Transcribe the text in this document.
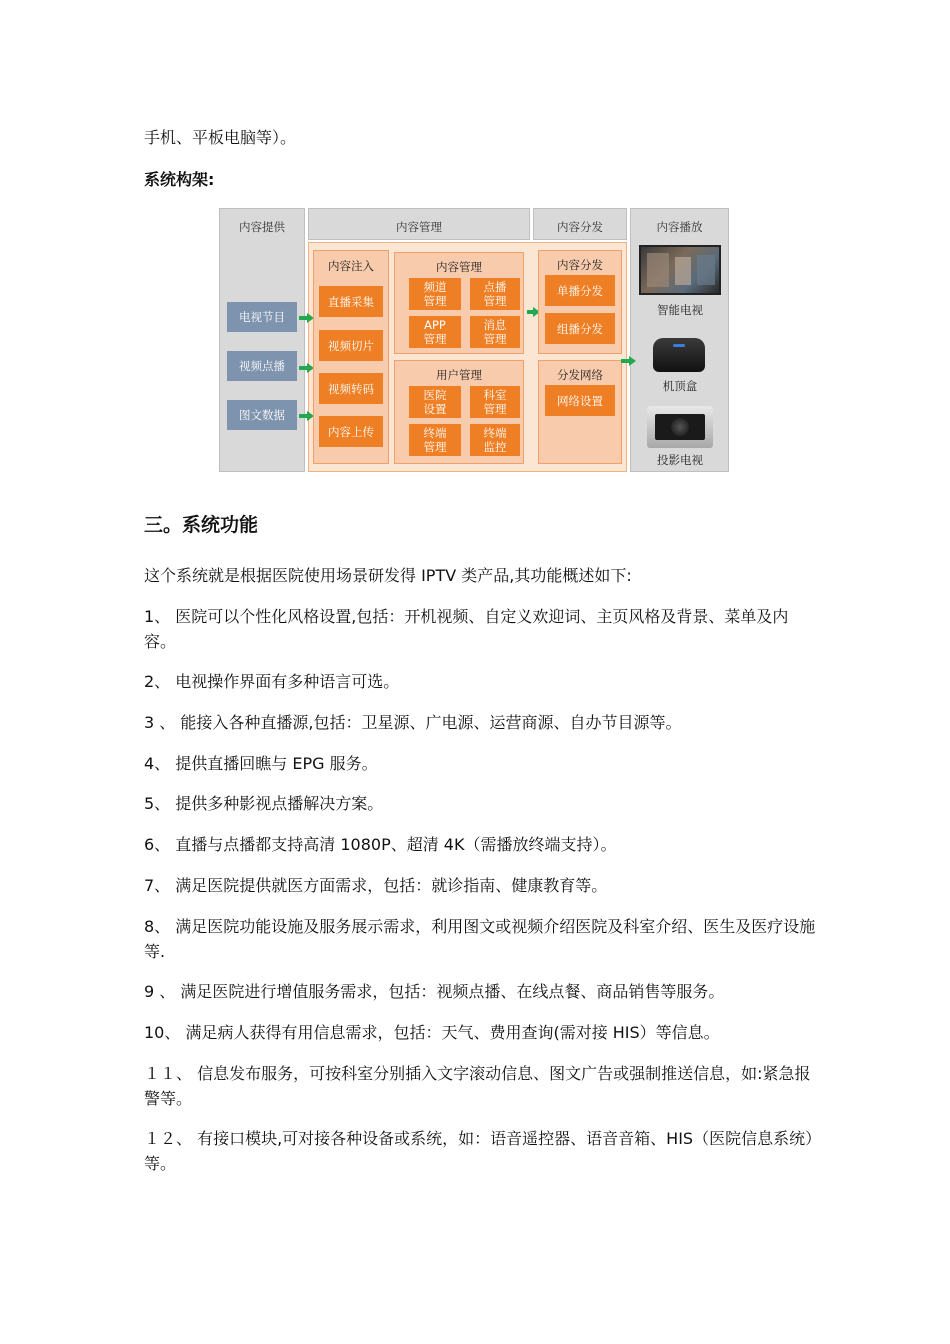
手机、平板电脑等）。

系统构架:

内容提供	内容管理	内容分发	内容播放
电视节目
视频点播
图文数据
内容注入
直播采集
视频切片
视频转码
内容上传
内容管理
频道
管理
点播
管理
APP
管理
消息
管理
用户管理
医院
设置
科室
管理
终端
管理
终端
监控
内容分发
单播分发
组播分发
分发网络
网络设置
智能电视
机顶盒
投影电视
三。系统功能

这个系统就是根据医院使用场景研发得 IPTV 类产品,其功能概述如下:

1、 医院可以个性化风格设置,包括：开机视频、自定义欢迎词、主页风格及背景、菜单及内容。

2、 电视操作界面有多种语言可选。

3 、 能接入各种直播源,包括：卫星源、广电源、运营商源、自办节目源等。

4、 提供直播回瞧与 EPG 服务。

5、 提供多种影视点播解决方案。

6、 直播与点播都支持高清 1080P、超清 4K（需播放终端支持）。

7、 满足医院提供就医方面需求，包括：就诊指南、健康教育等。

8、 满足医院功能设施及服务展示需求，利用图文或视频介绍医院及科室介绍、医生及医疗设施等.

9 、 满足医院进行增值服务需求，包括：视频点播、在线点餐、商品销售等服务。

10、 满足病人获得有用信息需求，包括：天气、费用查询(需对接 HIS）等信息。

１１、 信息发布服务，可按科室分别插入文字滚动信息、图文广告或强制推送信息，如:紧急报警等。

１２、 有接口模块,可对接各种设备或系统，如：语音遥控器、语音音箱、HIS（医院信息系统）等。
